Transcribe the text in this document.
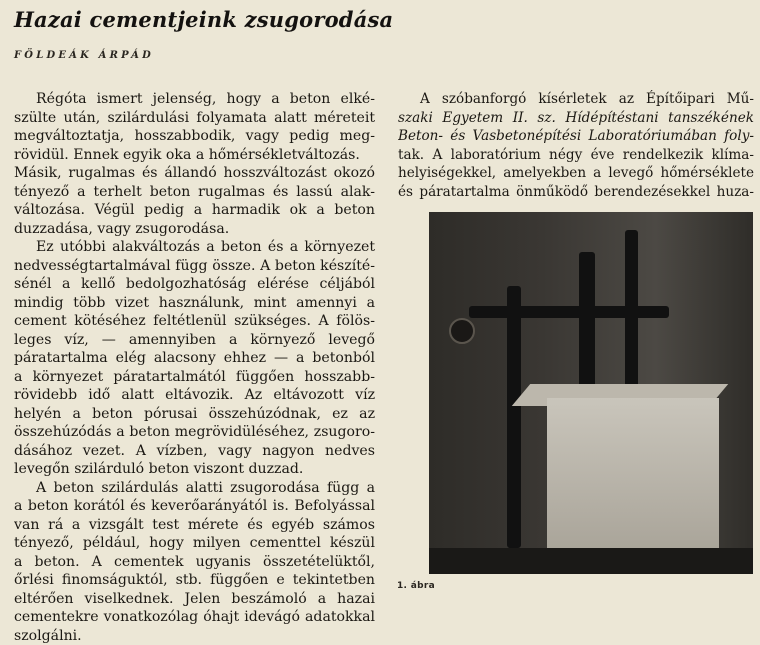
Hazai cementjeink zsugorodása
FÖLDEÁK ÁRPÁD
Régóta ismert jelenség, hogy a beton elké-
szülte után, szilárdulási folyamata alatt méreteit
megváltoztatja, hosszabbodik, vagy pedig meg-
rövidül. Ennek egyik oka a hőmérsékletváltozás.
Másik, rugalmas és állandó hosszváltozást okozó
tényező a terhelt beton rugalmas és lassú alak-
változása. Végül pedig a harmadik ok a beton
duzzadása, vagy zsugorodása.
Ez utóbbi alakváltozás a beton és a környezet
nedvességtartalmával függ össze. A beton készíté-
sénél a kellő bedolgozhatóság elérése céljából
mindig több vizet használunk, mint amennyi a
cement kötéséhez feltétlenül szükséges. A fölös-
leges víz, — amennyiben a környező levegő
páratartalma elég alacsony ehhez — a betonból
a környezet páratartalmától függően hosszabb-
rövidebb idő alatt eltávozik. Az eltávozott víz
helyén a beton pórusai összehúzódnak, ez az
összehúzódás a beton megrövidüléséhez, zsugoro-
dásához vezet. A vízben, vagy nagyon nedves
levegőn szilárduló beton viszont duzzad.
A beton szilárdulás alatti zsugorodása függ a
a beton korától és keverőarányától is. Befolyással
van rá a vizsgált test mérete és egyéb számos
tényező, például, hogy milyen cementtel készül
a beton. A cementek ugyanis összetételüktől,
őrlési finomságuktól, stb. függően e tekintetben
eltérően viselkednek. Jelen beszámoló a hazai
cementekre vonatkozólag óhajt idevágó adatokkal
szolgálni.
A szóbanforgó kísérletek az Építőipari Mű-
szaki Egyetem II. sz. Hídépítéstani tanszékének
Beton- és Vasbetonépítési Laboratóriumában foly-
tak. A laboratórium négy éve rendelkezik klíma-
helyiségekkel, amelyekben a levegő hőmérséklete
és páratartalma önműködő berendezésekkel huza-
1. ábra
